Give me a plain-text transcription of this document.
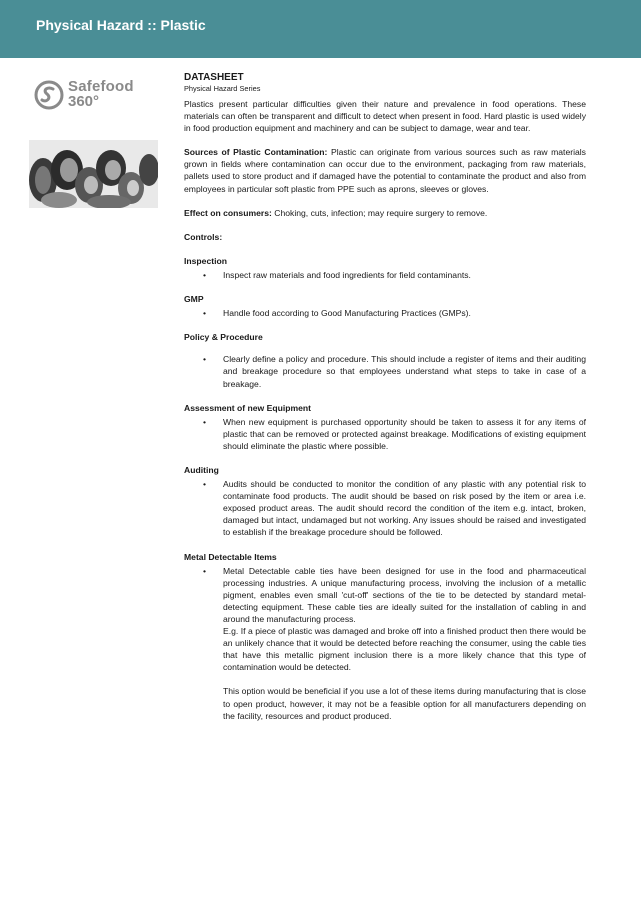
Physical Hazard :: Plastic
Safefood
360°
DATASHEET
Physical Hazard Series

Plastics present particular difficulties given their nature and prevalence in food operations. These materials can often be transparent and difficult to detect when present in food. Hard plastic is used widely in food production equipment and machinery and can be subject to damage, wear and tear.

Sources of Plastic Contamination: Plastic can originate from various sources such as raw materials grown in fields where contamination can occur due to the environment, packaging from raw materials, pallets used to store product and if damaged have the potential to contaminate the product and also from employees in particular soft plastic from PPE such as aprons, sleeves or gloves.

Effect on consumers: Choking, cuts, infection; may require surgery to remove.

Controls:

Inspection
• Inspect raw materials and food ingredients for field contaminants.
GMP
• Handle food according to Good Manufacturing Practices (GMPs).
Policy & Procedure
• Clearly define a policy and procedure. This should include a register of items and their auditing and breakage procedure so that employees understand what steps to take in case of a breakage.
Assessment of new Equipment
• When new equipment is purchased opportunity should be taken to assess it for any items of plastic that can be removed or protected against breakage. Modifications of existing equipment should eliminate the plastic where possible.
Auditing
• Audits should be conducted to monitor the condition of any plastic with any potential risk to contaminate food products. The audit should be based on risk posed by the item or area i.e. exposed product areas. The audit should record the condition of the item e.g. intact, broken, damaged but intact, undamaged but not working. Any issues should be raised and investigated to establish if the breakage procedure should be followed.
Metal Detectable Items
• Metal Detectable cable ties have been designed for use in the food and pharmaceutical processing industries. A unique manufacturing process, involving the inclusion of a metallic pigment, enables even small 'cut-off' sections of the tie to be detected by standard metal-detecting equipment. These cable ties are ideally suited for the installation of cabling in and around the manufacturing process.
E.g. If a piece of plastic was damaged and broke off into a finished product then there would be an unlikely chance that it would be detected before reaching the consumer, using the cable ties that have this metallic pigment inclusion there is a more likely chance that this type of contamination would be detected.
This option would be beneficial if you use a lot of these items during manufacturing that is close to open product, however, it may not be a feasible option for all manufacturers depending on the facility, resources and product produced.
